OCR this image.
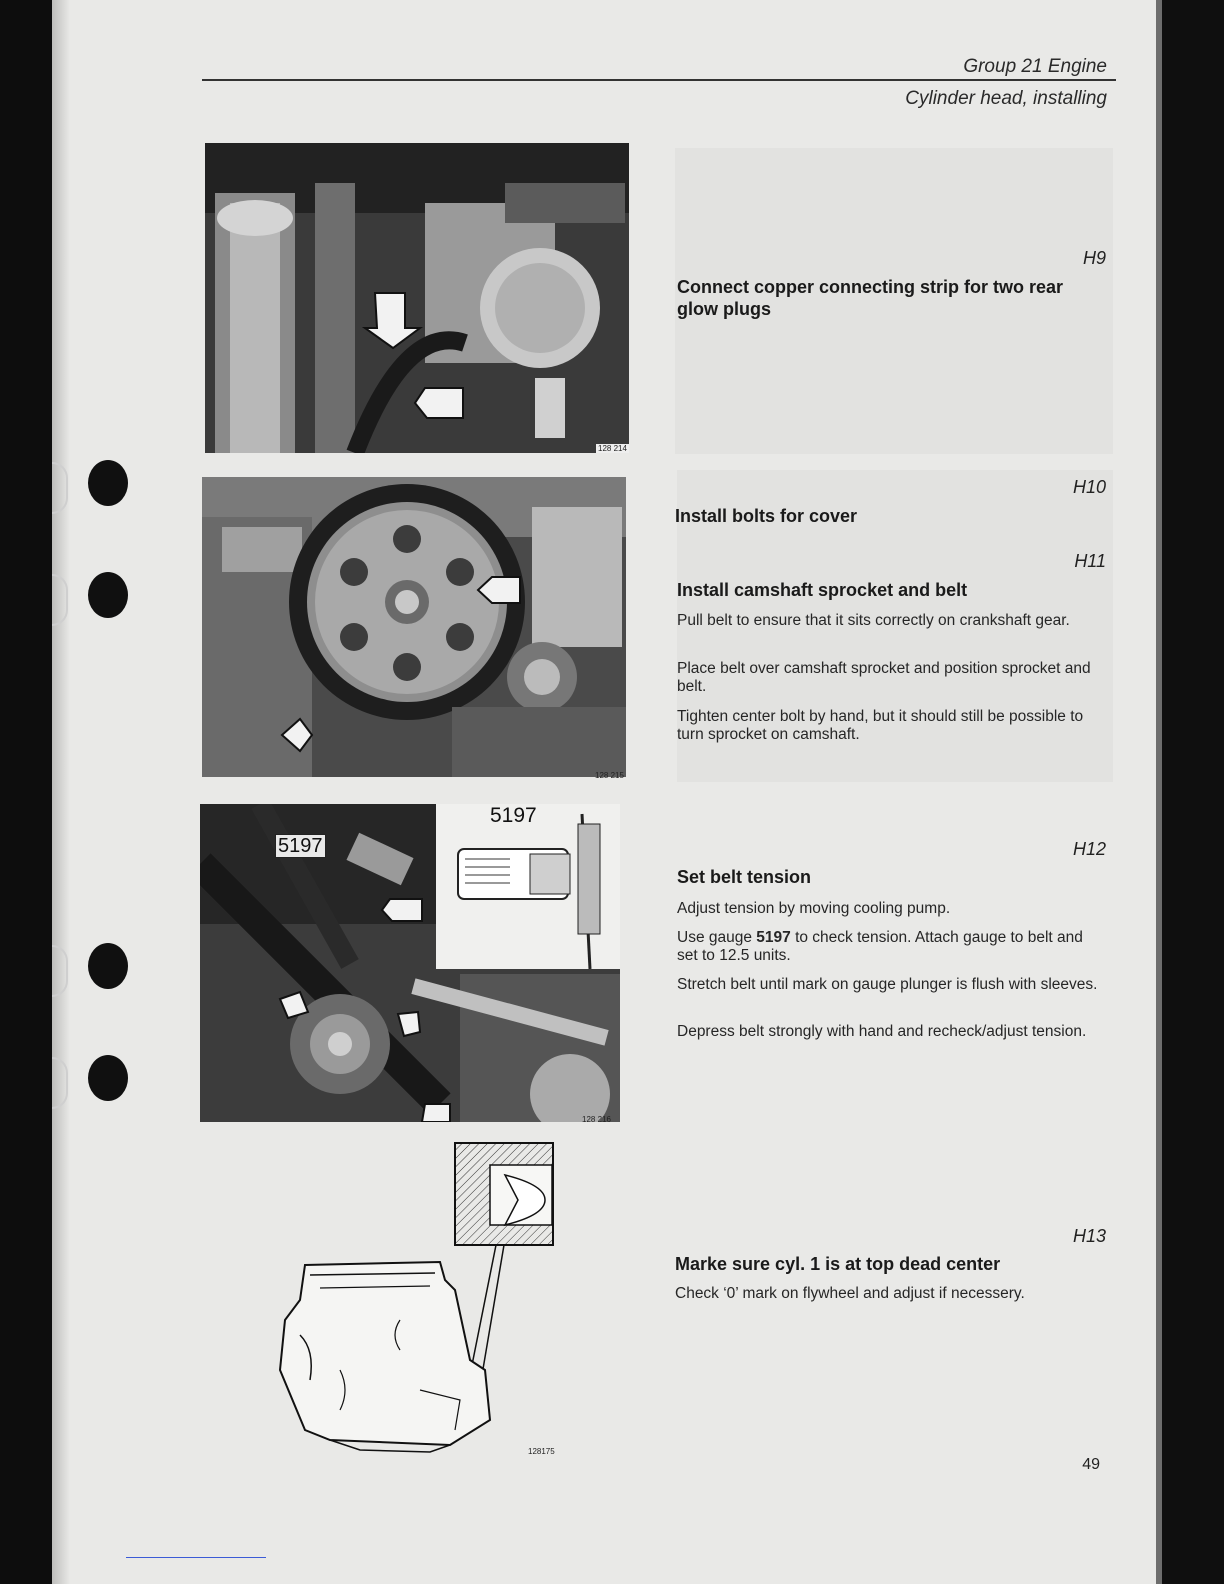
Group 21 Engine
Cylinder head, installing
128 214
128 215
5197
5197
128 216
128175
H9
Connect copper connecting strip for two rear glow plugs
H10
Install bolts for cover
H11
Install camshaft sprocket and belt
Pull belt to ensure that it sits correctly on crankshaft gear.
Place belt over camshaft sprocket and position sprocket and belt.
Tighten center bolt by hand, but it should still be possible to turn sprocket on camshaft.
H12
Set belt tension
Adjust tension by moving cooling pump.
Use gauge 5197 to check tension. Attach gauge to belt and set to 12.5 units.
Stretch belt until mark on gauge plunger is flush with sleeves.
Depress belt strongly with hand and recheck/adjust tension.
H13
Marke sure cyl. 1 is at top dead center
Check ‘0’ mark on flywheel and adjust if necessery.
49
